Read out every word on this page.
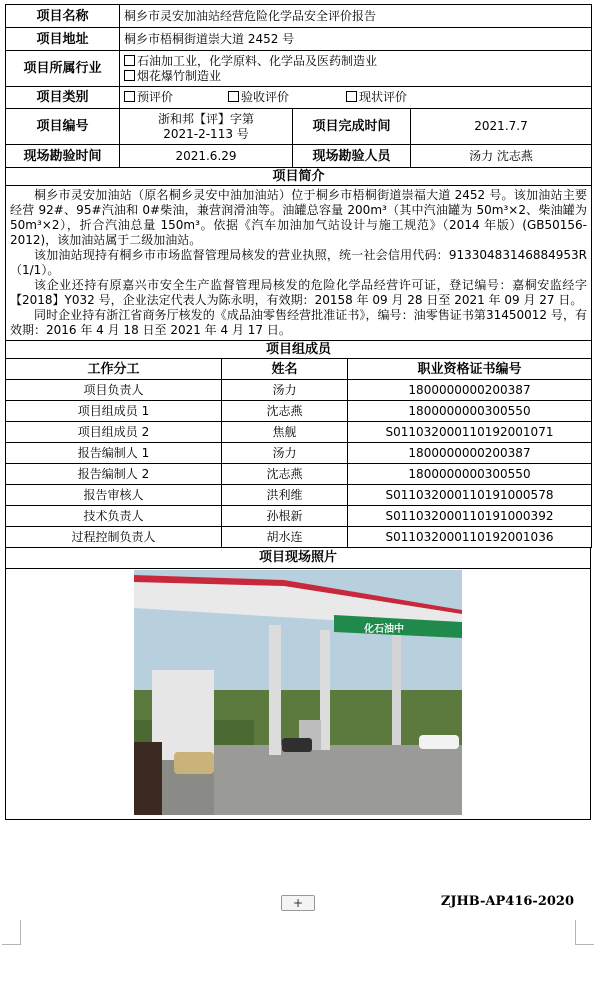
项目名称	桐乡市灵安加油站经营危险化学品安全评价报告		
项目地址	桐乡市梧桐街道崇大道 2452 号		
项目所属行业	石油加工业，化学原料、化学品及医药制造业
烟花爆竹制造业		

项目类别	预评价 验收评价 现状评价		
项目编号	浙和邦【评】字第
2021-2-113 号	项目完成时间	2021.7.7
现场勘验时间	2021.6.29	现场勘验人员	汤力 沈志燕
项目简介			

桐乡市灵安加油站（原名桐乡灵安中油加油站）位于桐乡市梧桐街道崇福大道 2452 号。该加油站主要经营 92#、95#汽油和 0#柴油，兼营润滑油等。油罐总容量 200m³（其中汽油罐为 50m³×2、柴油罐为 50m³×2），折合汽油总量 150m³。依据《汽车加油加气站设计与施工规范》（2014 年版）(GB50156-2012)，该加油站属于二级加油站。

该加油站现持有桐乡市市场监督管理局核发的营业执照，统一社会信用代码：91330483146884953R（1/1）。

该企业还持有原嘉兴市安全生产监督管理局核发的危险化学品经营许可证，登记编号：嘉桐安监经字【2018】Y032 号，企业法定代表人为陈永明，有效期：20158 年 09 月 28 日至 2021 年 09 月 27 日。

同时企业持有浙江省商务厅核发的《成品油零售经营批准证书》，编号：油零售证书第31450012 号，有效期：2016 年 4 月 18 日至 2021 年 4 月 17 日。			

项目组成员			
工作分工	姓名	职业资格证书编号
项目负责人	汤力	1800000000200387
项目组成员 1	沈志燕	1800000000300550
项目组成员 2	焦舰	S011032000110192001071
报告编制人 1	汤力	1800000000200387
报告编制人 2	沈志燕	1800000000300550
报告审核人	洪利维	S011032000110191000578
技术负责人	孙根新	S011032000110191000392
过程控制负责人	胡水连	S011032000110192001036
项目现场照片

化石油中
+	ZJHB-AP416-2020
